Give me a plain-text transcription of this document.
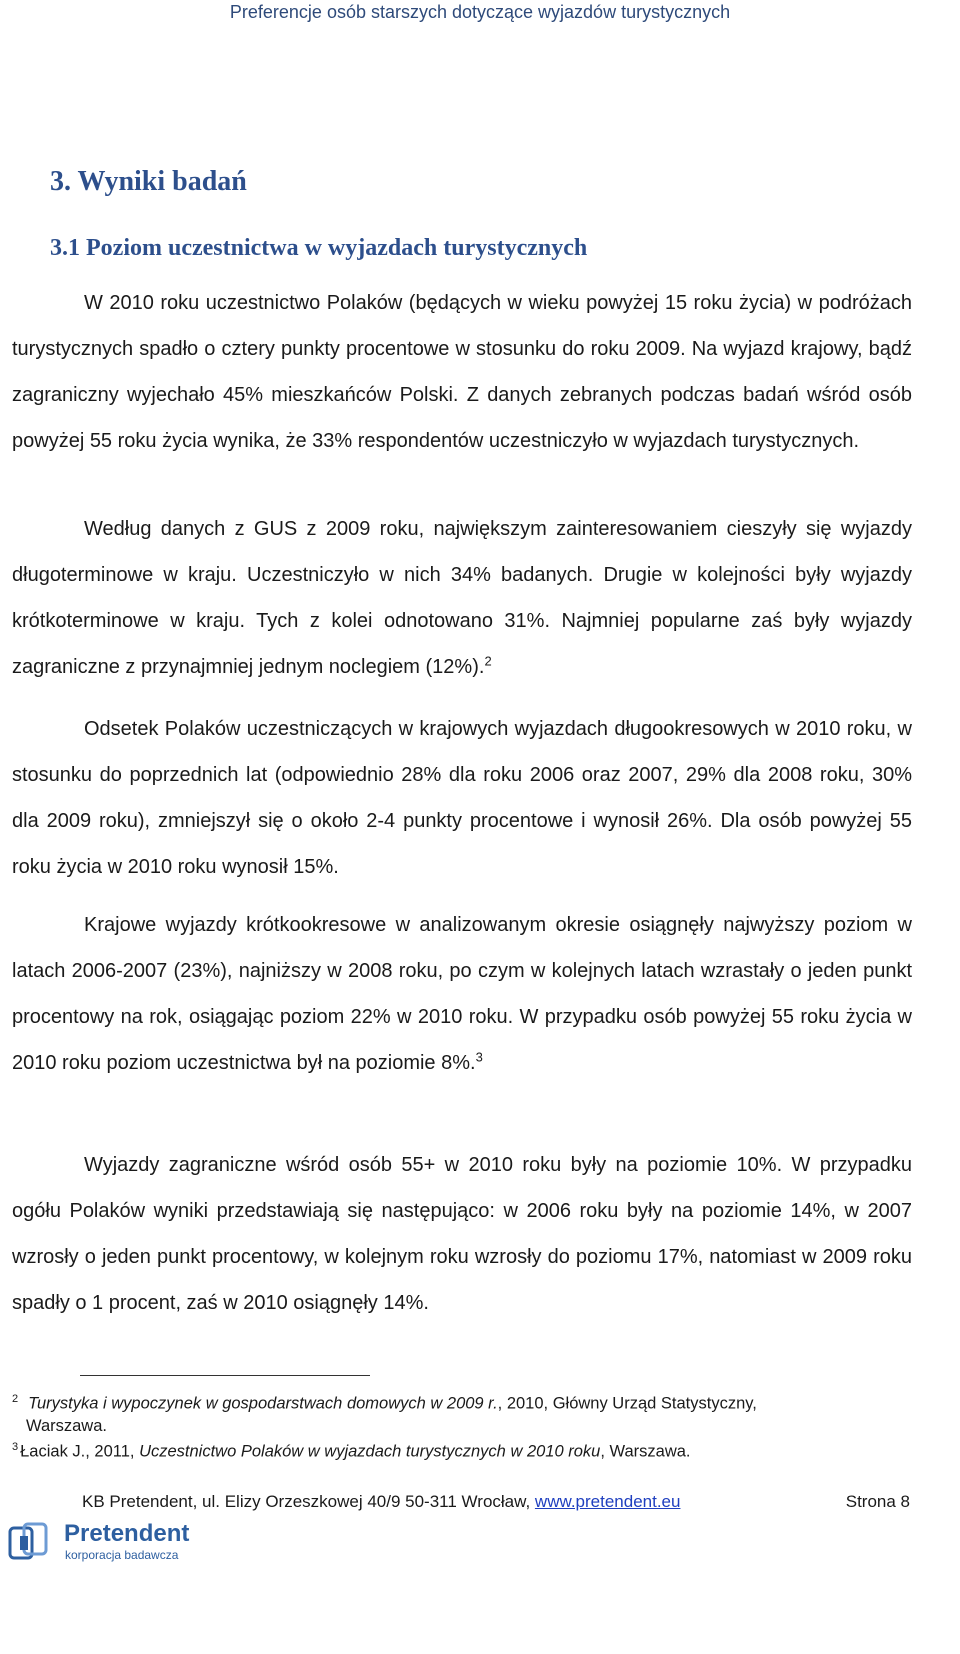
Preferencje osób starszych dotyczące wyjazdów turystycznych
3. Wyniki badań
3.1 Poziom uczestnictwa w wyjazdach turystycznych

W 2010 roku uczestnictwo Polaków (będących w wieku powyżej 15 roku życia) w podróżach turystycznych spadło o cztery punkty procentowe w stosunku do roku 2009. Na wyjazd krajowy, bądź zagraniczny wyjechało 45% mieszkańców Polski. Z danych zebranych podczas badań wśród osób powyżej 55 roku życia wynika, że 33% respondentów uczestniczyło w wyjazdach turystycznych.

Według danych z GUS z 2009 roku, największym zainteresowaniem cieszyły się wyjazdy długoterminowe w kraju. Uczestniczyło w nich 34% badanych. Drugie w kolejności były wyjazdy krótkoterminowe w kraju. Tych z kolei odnotowano 31%. Najmniej popularne zaś były wyjazdy zagraniczne z przynajmniej jednym noclegiem (12%).$^2$

Odsetek Polaków uczestniczących w krajowych wyjazdach długookresowych w 2010 roku, w stosunku do poprzednich lat (odpowiednio 28% dla roku 2006 oraz 2007, 29% dla 2008 roku, 30% dla 2009 roku), zmniejszył się o około 2-4 punkty procentowe i wynosił 26%. Dla osób powyżej 55 roku życia w 2010 roku wynosił 15%.

Krajowe wyjazdy krótkookresowe w analizowanym okresie osiągnęły najwyższy poziom w latach 2006-2007 (23%), najniższy w 2008 roku, po czym w kolejnych latach wzrastały o jeden punkt procentowy na rok, osiągając poziom 22% w 2010 roku. W przypadku osób powyżej 55 roku życia w 2010 roku poziom uczestnictwa był na poziomie 8%.$^3$

Wyjazdy zagraniczne wśród osób 55+ w 2010 roku były na poziomie 10%. W przypadku ogółu Polaków wyniki przedstawiają się następująco: w 2006 roku były na poziomie 14%, w 2007 wzrosły o jeden punkt procentowy, w kolejnym roku wzrosły do poziomu 17%, natomiast w 2009 roku spadły o 1 procent, zaś w 2010 osiągnęły 14%.

$^2$ Turystyka i wypoczynek w gospodarstwach domowych w 2009 r., 2010, Główny Urząd Statystyczny,
Warszawa.
$^3$ Łaciak J., 2011, Uczestnictwo Polaków w wyjazdach turystycznych w 2010 roku, Warszawa.
KB Pretendent, ul. Elizy Orzeszkowej 40/9 50-311 Wrocław, www.pretendent.eu	Strona 8
Pretendent
korporacja badawcza
